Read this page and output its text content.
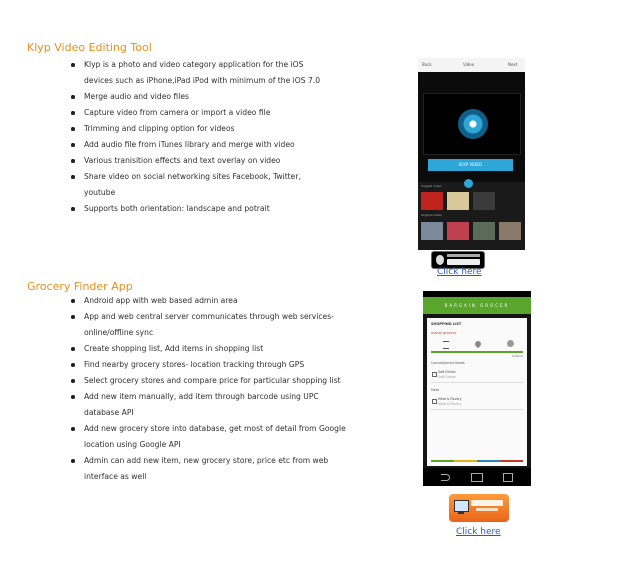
Klyp Video Editing Tool
Klyp is a photo and video category application for the iOS devices such as iPhone,iPad iPod with minimum of the iOS 7.0
Merge audio and video files
Capture video from camera or import a video file
Trimming and clipping option for videos
Add audio file from iTunes library and merge with video
Various tranisition effects and text overlay on video
Share video on social networking sites Facebook, Twitter, youtube
Supports both orientation: landscape and potrait
Back	Video	Next
KLYP VIDEO
Clipped video
Original video
Click here
Grocery Finder App
Android app with web based admin area
App and web central server communicates through web services-online/offline sync
Create shopping list, Add items in shopping list
Find nearby grocery stores- location tracking through GPS
Select grocery stores and compare price for particular shopping list
Add new item manually, add item through barcode using UPC database API
Add new grocery store into database, get most of detail from Google location using Google API
Admin can add new item, new grocery store, price etc from web interface as well
BARGAIN GROCER
SHOPPING LIST
manoj grocery
4 Items
Canned/Jarred Goods
Soft Drinks
Soft Drinks
Meat
Meat & Poultry
Meat & Poultry
Click here
